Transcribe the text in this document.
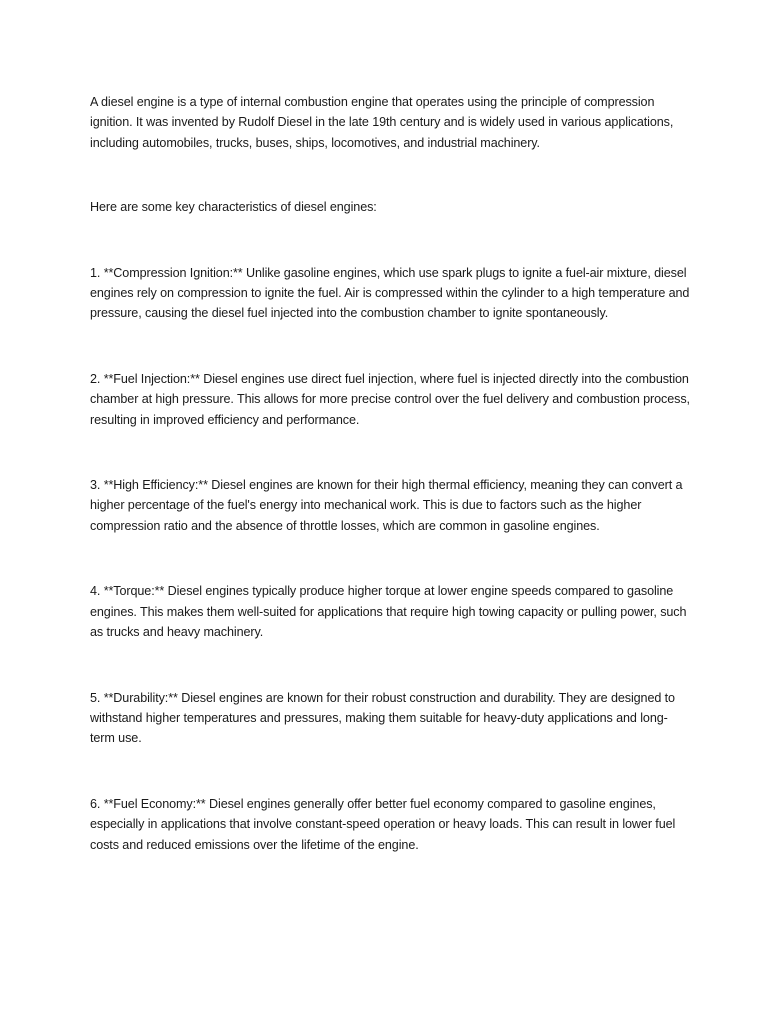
A diesel engine is a type of internal combustion engine that operates using the principle of compression ignition. It was invented by Rudolf Diesel in the late 19th century and is widely used in various applications, including automobiles, trucks, buses, ships, locomotives, and industrial machinery.

Here are some key characteristics of diesel engines:

1. **Compression Ignition:** Unlike gasoline engines, which use spark plugs to ignite a fuel-air mixture, diesel engines rely on compression to ignite the fuel. Air is compressed within the cylinder to a high temperature and pressure, causing the diesel fuel injected into the combustion chamber to ignite spontaneously.

2. **Fuel Injection:** Diesel engines use direct fuel injection, where fuel is injected directly into the combustion chamber at high pressure. This allows for more precise control over the fuel delivery and combustion process, resulting in improved efficiency and performance.

3. **High Efficiency:** Diesel engines are known for their high thermal efficiency, meaning they can convert a higher percentage of the fuel's energy into mechanical work. This is due to factors such as the higher compression ratio and the absence of throttle losses, which are common in gasoline engines.

4. **Torque:** Diesel engines typically produce higher torque at lower engine speeds compared to gasoline engines. This makes them well-suited for applications that require high towing capacity or pulling power, such as trucks and heavy machinery.

5. **Durability:** Diesel engines are known for their robust construction and durability. They are designed to withstand higher temperatures and pressures, making them suitable for heavy-duty applications and long-term use.

6. **Fuel Economy:** Diesel engines generally offer better fuel economy compared to gasoline engines, especially in applications that involve constant-speed operation or heavy loads. This can result in lower fuel costs and reduced emissions over the lifetime of the engine.
